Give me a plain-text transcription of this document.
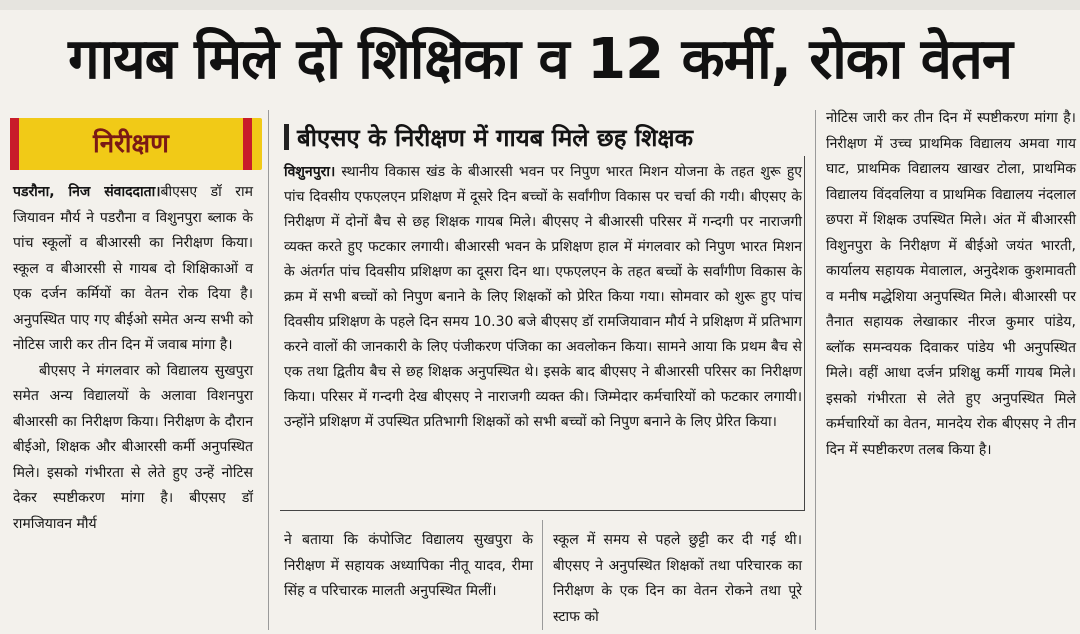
गायब मिले दो शिक्षिका व 12 कर्मी, रोका वेतन
निरीक्षण

पडरौना, निज संवाददाता।बीएसए डॉ राम जियावन मौर्य ने पडरौना व विशुनपुरा ब्लाक के पांच स्कूलों व बीआरसी का निरीक्षण किया। स्कूल व बीआरसी से गायब दो शिक्षिकाओं व एक दर्जन कर्मियों का वेतन रोक दिया है। अनुपस्थित पाए गए बीईओ समेत अन्य सभी को नोटिस जारी कर तीन दिन में जवाब मांगा है।

बीएसए ने मंगलवार को विद्यालय सुखपुरा समेत अन्य विद्यालयों के अलावा विशनपुरा बीआरसी का निरीक्षण किया। निरीक्षण के दौरान बीईओ, शिक्षक और बीआरसी कर्मी अनुपस्थित मिले। इसको गंभीरता से लेते हुए उन्हें नोटिस देकर स्पष्टीकरण मांगा है। बीएसए डॉ रामजियावन मौर्य

बीएसए के निरीक्षण में गायब मिले छह शिक्षक

विशुनपुरा। स्थानीय विकास खंड के बीआरसी भवन पर निपुण भारत मिशन योजना के तहत शुरू हुए पांच दिवसीय एफएलएन प्रशिक्षण में दूसरे दिन बच्चों के सर्वांगीण विकास पर चर्चा की गयी। बीएसए के निरीक्षण में दोनों बैच से छह शिक्षक गायब मिले। बीएसए ने बीआरसी परिसर में गन्दगी पर नाराजगी व्यक्त करते हुए फटकार लगायी। बीआरसी भवन के प्रशिक्षण हाल में मंगलवार को निपुण भारत मिशन के अंतर्गत पांच दिवसीय प्रशिक्षण का दूसरा दिन था। एफएलएन के तहत बच्चों के सर्वांगीण विकास के क्रम में सभी बच्चों को निपुण बनाने के लिए शिक्षकों को प्रेरित किया गया। सोमवार को शुरू हुए पांच दिवसीय प्रशिक्षण के पहले दिन समय 10.30 बजे बीएसए डॉ रामजियावान मौर्य ने प्रशिक्षण में प्रतिभाग करने वालों की जानकारी के लिए पंजीकरण पंजिका का अवलोकन किया। सामने आया कि प्रथम बैच से एक तथा द्वितीय बैच से छह शिक्षक अनुपस्थित थे। इसके बाद बीएसए ने बीआरसी परिसर का निरीक्षण किया। परिसर में गन्दगी देख बीएसए ने नाराजगी व्यक्त की। जिम्मेदार कर्मचारियों को फटकार लगायी। उन्होंने प्रशिक्षण में उपस्थित प्रतिभागी शिक्षकों को सभी बच्चों को निपुण बनाने के लिए प्रेरित किया।

ने बताया कि कंपोजिट विद्यालय सुखपुरा के निरीक्षण में सहायक अध्यापिका नीतू यादव, रीमा सिंह व परिचारक मालती अनुपस्थित मिलीं।

स्कूल में समय से पहले छुट्टी कर दी गई थी। बीएसए ने अनुपस्थित शिक्षकों तथा परिचारक का निरीक्षण के एक दिन का वेतन रोकने तथा पूरे स्टाफ को

नोटिस जारी कर तीन दिन में स्पष्टीकरण मांगा है। निरीक्षण में उच्च प्राथमिक विद्यालय अमवा गाय घाट, प्राथमिक विद्यालय खाखर टोला, प्राथमिक विद्यालय विंदवलिया व प्राथमिक विद्यालय नंदलाल छपरा में शिक्षक उपस्थित मिले। अंत में बीआरसी विशुनपुरा के निरीक्षण में बीईओ जयंत भारती, कार्यालय सहायक मेवालाल, अनुदेशक कुशमावती व मनीष मद्धेशिया अनुपस्थित मिले। बीआरसी पर तैनात सहायक लेखाकार नीरज कुमार पांडेय, ब्लॉक समन्वयक दिवाकर पांडेय भी अनुपस्थित मिले। वहीं आधा दर्जन प्रशिक्षु कर्मी गायब मिले। इसको गंभीरता से लेते हुए अनुपस्थित मिले कर्मचारियों का वेतन, मानदेय रोक बीएसए ने तीन दिन में स्पष्टीकरण तलब किया है।
